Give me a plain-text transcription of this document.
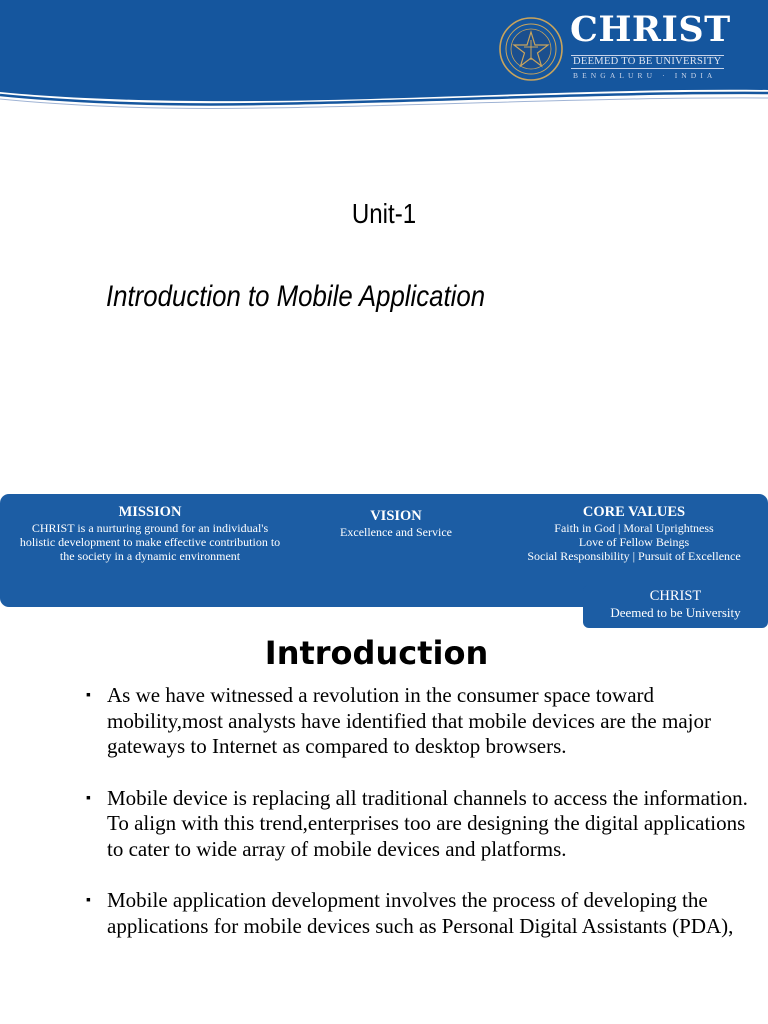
CHRIST
DEEMED TO BE UNIVERSITY
BENGALURU · INDIA
Unit-1
Introduction to Mobile Application
MISSION
CHRIST is a nurturing ground for an individual's
holistic development to make effective contribution to
the society in a dynamic environment
VISION
Excellence and Service
CORE VALUES
Faith in God | Moral Uprightness
Love of Fellow Beings
Social Responsibility | Pursuit of Excellence
CHRIST
Deemed to be University
Introduction
▪ As we have witnessed a revolution in the consumer space toward mobility,most analysts have identified that mobile devices are the major gateways to Internet as compared to desktop browsers.
▪ Mobile device is replacing all traditional channels to access the information. To align with this trend,enterprises too are designing the digital applications to cater to wide array of mobile devices and platforms.
▪ Mobile application development involves the process of developing the applications for mobile devices such as Personal Digital Assistants (PDA),
